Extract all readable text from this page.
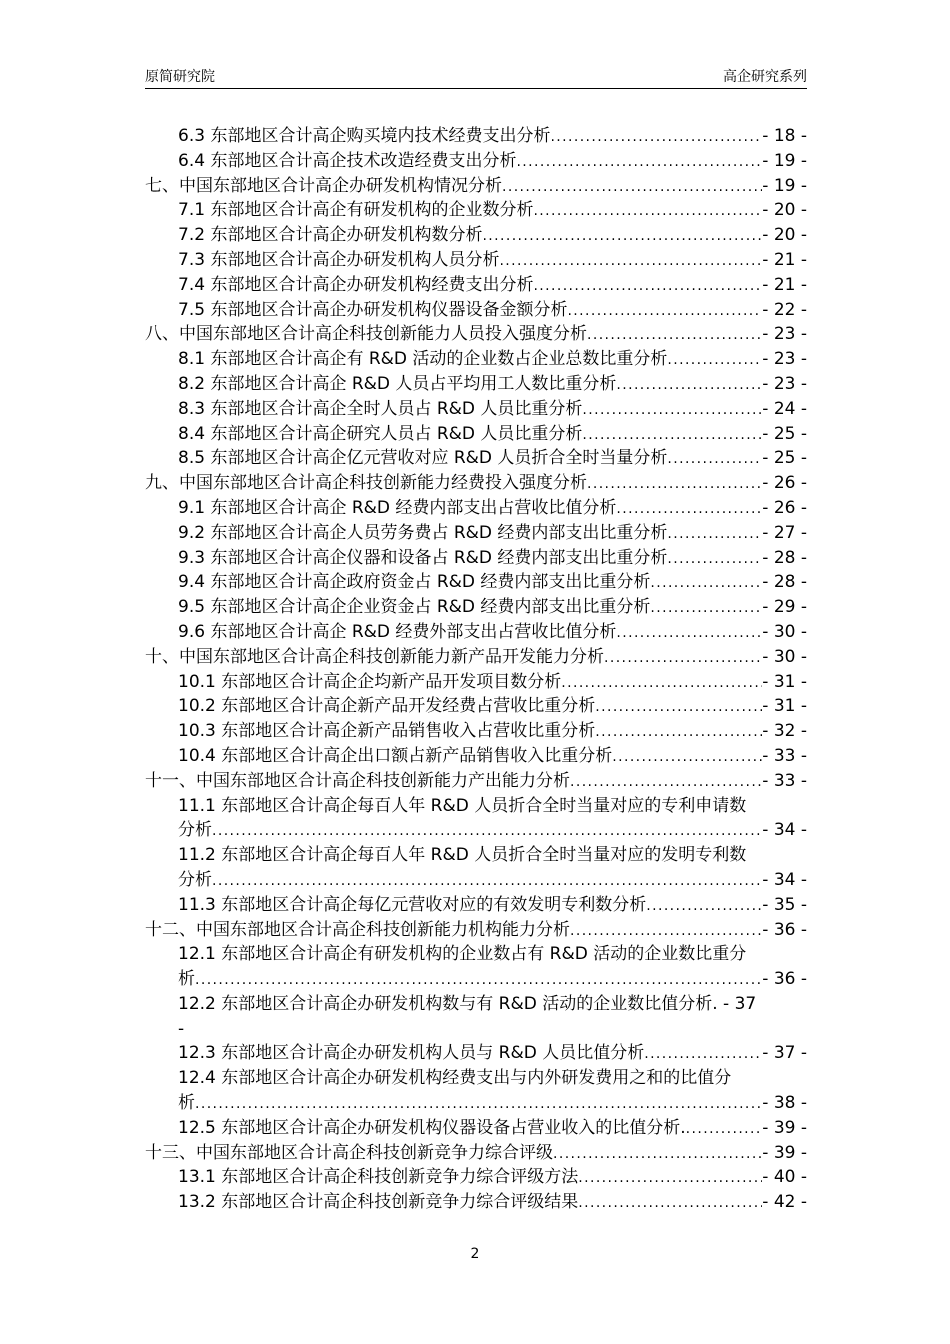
原简研究院	高企研究系列
6.3 东部地区合计高企购买境内技术经费支出分析 .....	- 18 -
6.4 东部地区合计高企技术改造经费支出分析 .....	- 19 -
七、中国东部地区合计高企办研发机构情况分析 .....	- 19 -
7.1 东部地区合计高企有研发机构的企业数分析 .....	- 20 -
7.2 东部地区合计高企办研发机构数分析 .....	- 20 -
7.3 东部地区合计高企办研发机构人员分析 .....	- 21 -
7.4 东部地区合计高企办研发机构经费支出分析 .....	- 21 -
7.5 东部地区合计高企办研发机构仪器设备金额分析 .....	- 22 -
八、中国东部地区合计高企科技创新能力人员投入强度分析 .....	- 23 -
8.1 东部地区合计高企有 R&D 活动的企业数占企业总数比重分析 .....	- 23 -
8.2 东部地区合计高企 R&D 人员占平均用工人数比重分析 .....	- 23 -
8.3 东部地区合计高企全时人员占 R&D 人员比重分析 .....	- 24 -
8.4 东部地区合计高企研究人员占 R&D 人员比重分析 .....	- 25 -
8.5 东部地区合计高企亿元营收对应 R&D 人员折合全时当量分析 .....	- 25 -
九、中国东部地区合计高企科技创新能力经费投入强度分析 .....	- 26 -
9.1 东部地区合计高企 R&D 经费内部支出占营收比值分析 .....	- 26 -
9.2 东部地区合计高企人员劳务费占 R&D 经费内部支出比重分析 .....	- 27 -
9.3 东部地区合计高企仪器和设备占 R&D 经费内部支出比重分析 .....	- 28 -
9.4 东部地区合计高企政府资金占 R&D 经费内部支出比重分析 .....	- 28 -
9.5 东部地区合计高企企业资金占 R&D 经费内部支出比重分析 .....	- 29 -
9.6 东部地区合计高企 R&D 经费外部支出占营收比值分析 .....	- 30 -
十、中国东部地区合计高企科技创新能力新产品开发能力分析 .....	- 30 -
10.1 东部地区合计高企企均新产品开发项目数分析 .....	- 31 -
10.2 东部地区合计高企新产品开发经费占营收比重分析 .....	- 31 -
10.3 东部地区合计高企新产品销售收入占营收比重分析 .....	- 32 -
10.4 东部地区合计高企出口额占新产品销售收入比重分析 .....	- 33 -
十一、中国东部地区合计高企科技创新能力产出能力分析 .....	- 33 -
11.1 东部地区合计高企每百人年 R&D 人员折合全时当量对应的专利申请数
分析 .....	- 34 -
11.2 东部地区合计高企每百人年 R&D 人员折合全时当量对应的发明专利数
分析 .....	- 34 -
11.3 东部地区合计高企每亿元营收对应的有效发明专利数分析 .....	- 35 -
十二、中国东部地区合计高企科技创新能力机构能力分析 .....	- 36 -
12.1 东部地区合计高企有研发机构的企业数占有 R&D 活动的企业数比重分
析 .....	- 36 -
12.2 东部地区合计高企办研发机构数与有 R&D 活动的企业数比值分析. - 37
-
12.3 东部地区合计高企办研发机构人员与 R&D 人员比值分析 .....	- 37 -
12.4 东部地区合计高企办研发机构经费支出与内外研发费用之和的比值分
析 .....	- 38 -
12.5 东部地区合计高企办研发机构仪器设备占营业收入的比值分析. .....	- 39 -
十三、中国东部地区合计高企科技创新竞争力综合评级 .....	- 39 -
13.1 东部地区合计高企科技创新竞争力综合评级方法 .....	- 40 -
13.2 东部地区合计高企科技创新竞争力综合评级结果 .....	- 42 -
2
